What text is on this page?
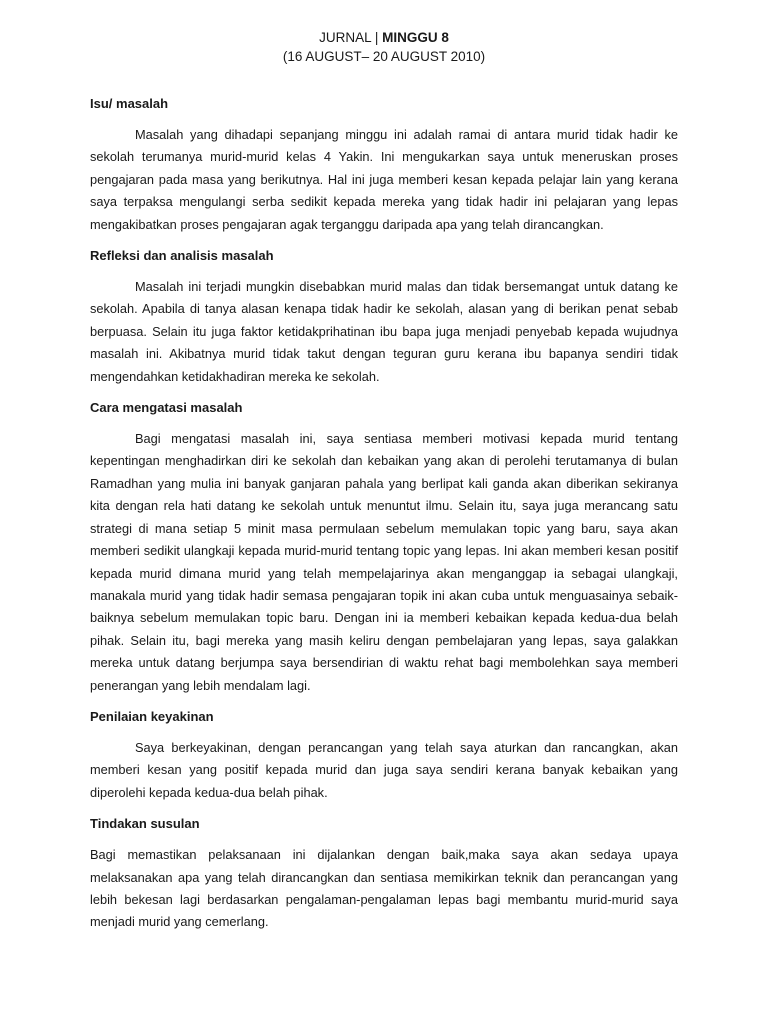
JURNAL | MINGGU 8
(16 AUGUST– 20 AUGUST 2010)
Isu/ masalah

Masalah yang dihadapi sepanjang minggu ini adalah ramai di antara murid tidak hadir ke sekolah terumanya murid-murid kelas 4 Yakin. Ini mengukarkan saya untuk meneruskan proses pengajaran pada masa yang berikutnya. Hal ini juga memberi kesan kepada pelajar lain yang kerana saya terpaksa mengulangi serba sedikit kepada mereka yang tidak hadir ini pelajaran yang lepas mengakibatkan proses pengajaran agak terganggu daripada apa yang telah dirancangkan.

Refleksi dan analisis masalah

Masalah ini terjadi mungkin disebabkan murid malas dan tidak bersemangat untuk datang ke sekolah. Apabila di tanya alasan kenapa tidak hadir ke sekolah, alasan yang di berikan penat sebab berpuasa. Selain itu juga faktor ketidakprihatinan ibu bapa juga menjadi penyebab kepada wujudnya masalah ini. Akibatnya murid tidak takut dengan teguran guru kerana ibu bapanya sendiri tidak mengendahkan ketidakhadiran mereka ke sekolah.

Cara mengatasi masalah

Bagi mengatasi masalah ini, saya sentiasa memberi motivasi kepada murid tentang kepentingan menghadirkan diri ke sekolah dan kebaikan yang akan di perolehi terutamanya di bulan Ramadhan yang mulia ini banyak ganjaran pahala yang berlipat kali ganda akan diberikan sekiranya kita dengan rela hati datang ke sekolah untuk menuntut ilmu. Selain itu, saya juga merancang satu strategi di mana setiap 5 minit masa permulaan sebelum memulakan topic yang baru, saya akan memberi sedikit ulangkaji kepada murid-murid tentang topic yang lepas. Ini akan memberi kesan positif kepada murid dimana murid yang telah mempelajarinya akan menganggap ia sebagai ulangkaji, manakala murid yang tidak hadir semasa pengajaran topik ini akan cuba untuk menguasainya sebaik-baiknya sebelum memulakan topic baru. Dengan ini ia memberi kebaikan kepada kedua-dua belah pihak. Selain itu, bagi mereka yang masih keliru dengan pembelajaran yang lepas, saya galakkan mereka untuk datang berjumpa saya bersendirian di waktu rehat bagi membolehkan saya memberi penerangan yang lebih mendalam lagi.

Penilaian keyakinan

Saya berkeyakinan, dengan perancangan yang telah saya aturkan dan rancangkan, akan memberi kesan yang positif kepada murid dan juga saya sendiri kerana banyak kebaikan yang diperolehi kepada kedua-dua belah pihak.

Tindakan susulan

Bagi memastikan pelaksanaan ini dijalankan dengan baik,maka saya akan sedaya upaya melaksanakan apa yang telah dirancangkan dan sentiasa memikirkan teknik dan perancangan yang lebih bekesan lagi berdasarkan pengalaman-pengalaman lepas bagi membantu murid-murid saya menjadi murid yang cemerlang.
